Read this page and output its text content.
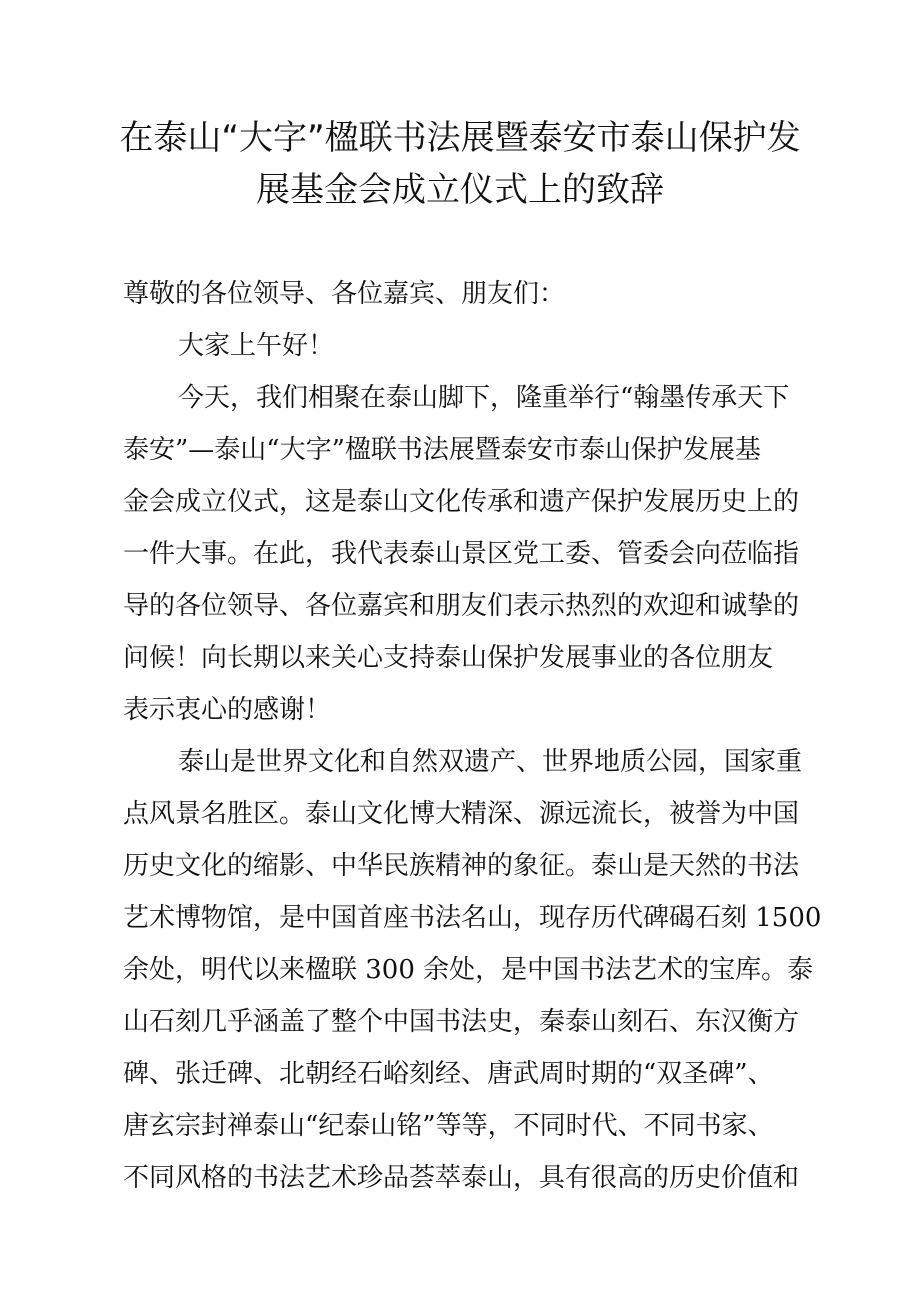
在泰山“大字”楹联书法展暨泰安市泰山保护发
展基金会成立仪式上的致辞
尊敬的各位领导、各位嘉宾、朋友们：
大家上午好！
今天，我们相聚在泰山脚下，隆重举行“翰墨传承天下
泰安”—泰山“大字”楹联书法展暨泰安市泰山保护发展基
金会成立仪式，这是泰山文化传承和遗产保护发展历史上的
一件大事。在此，我代表泰山景区党工委、管委会向莅临指
导的各位领导、各位嘉宾和朋友们表示热烈的欢迎和诚挚的
问候！向长期以来关心支持泰山保护发展事业的各位朋友
表示衷心的感谢！
泰山是世界文化和自然双遗产、世界地质公园，国家重
点风景名胜区。泰山文化博大精深、源远流长，被誉为中国
历史文化的缩影、中华民族精神的象征。泰山是天然的书法
艺术博物馆，是中国首座书法名山，现存历代碑碣石刻 1500
余处，明代以来楹联 300 余处，是中国书法艺术的宝库。泰
山石刻几乎涵盖了整个中国书法史，秦泰山刻石、东汉衡方
碑、张迁碑、北朝经石峪刻经、唐武周时期的“双圣碑”、
唐玄宗封禅泰山“纪泰山铭”等等，不同时代、不同书家、
不同风格的书法艺术珍品荟萃泰山，具有很高的历史价值和
